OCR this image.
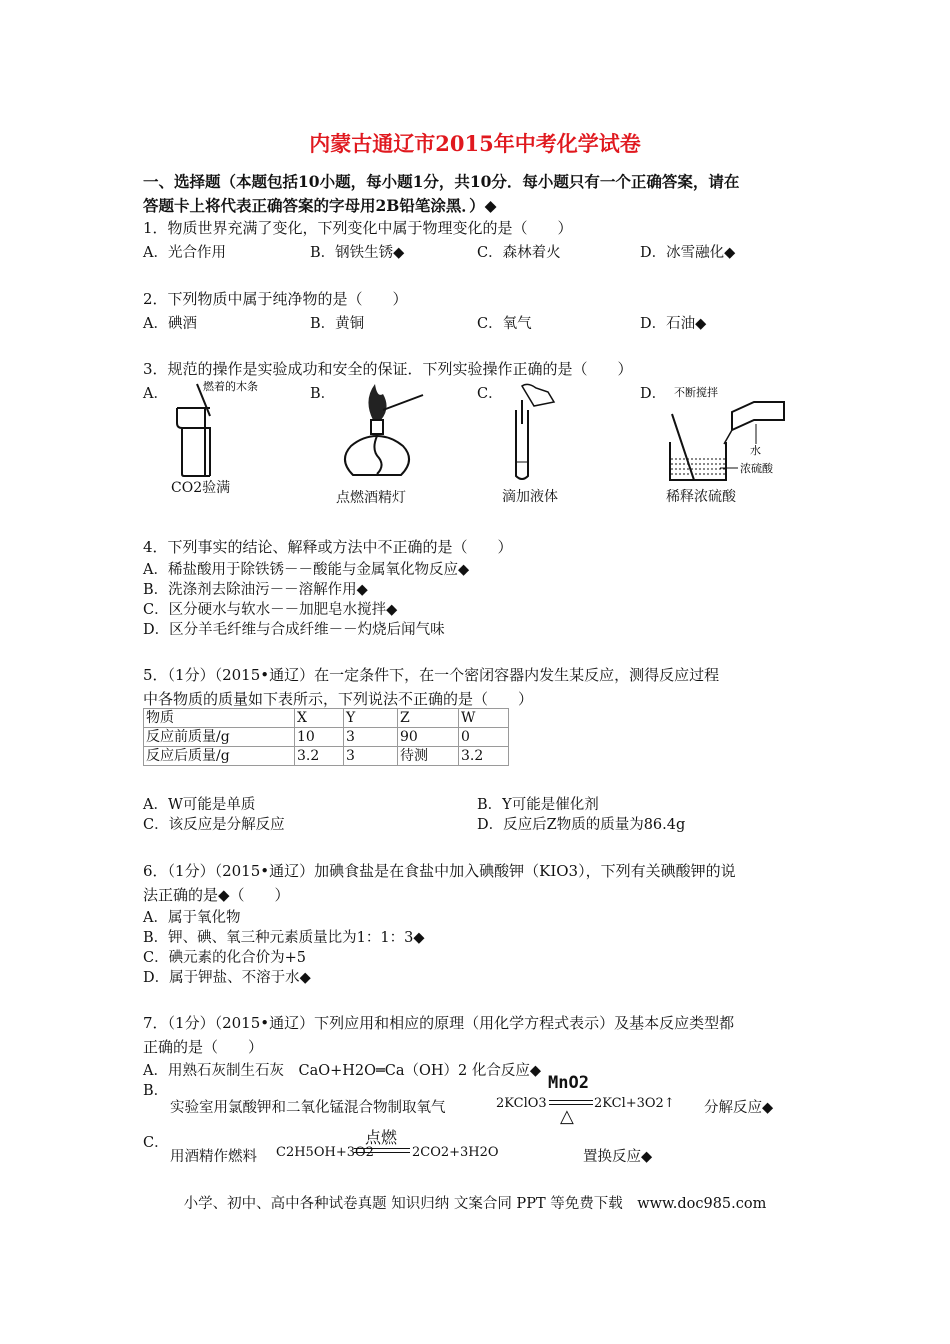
内蒙古通辽市2015年中考化学试卷
一、选择题（本题包括10小题，每小题1分，共10分．每小题只有一个正确答案，请在
答题卡上将代表正确答案的字母用2B铅笔涂黑．）◆
1．物质世界充满了变化，下列变化中属于物理变化的是（　　）
A．光合作用	B．钢铁生锈◆	C．森林着火	D．冰雪融化◆
2．下列物质中属于纯净物的是（　　）
A．碘酒	B．黄铜	C．氧气	D．石油◆
3．规范的操作是实验成功和安全的保证．下列实验操作正确的是（　　）
A．	B．	C．	D．
燃着的木条
CO2验满
点燃酒精灯	滴加液体
不断搅拌
水
浓硫酸
稀释浓硫酸
4．下列事实的结论、解释或方法中不正确的是（　　）
A．稀盐酸用于除铁锈－－酸能与金属氧化物反应◆
B．洗涤剂去除油污－－溶解作用◆
C．区分硬水与软水－－加肥皂水搅拌◆
D．区分羊毛纤维与合成纤维－－灼烧后闻气味
5．（1分）（2015•通辽）在一定条件下，在一个密闭容器内发生某反应，测得反应过程
中各物质的质量如下表所示，下列说法不正确的是（　　）
物质	X	Y	Z	W
反应前质量/g	10	3	90	0
反应后质量/g	3.2	3	待测	3.2
A．W可能是单质	B．Y可能是催化剂
C．该反应是分解反应	D．反应后Z物质的质量为86.4g
6．（1分）（2015•通辽）加碘食盐是在食盐中加入碘酸钾（KIO3），下列有关碘酸钾的说
法正确的是◆（　　）
A．属于氧化物
B．钾、碘、氧三种元素质量比为1：1：3◆
C．碘元素的化合价为+5
D．属于钾盐、不溶于水◆
7．（1分）（2015•通辽）下列应用和相应的原理（用化学方程式表示）及基本反应类型都
正确的是（　　）
A．用熟石灰制生石灰　CaO+H2O═Ca（OH）2 化合反应◆
B．
实验室用氯酸钾和二氧化锰混合物制取氧气	2KClO3
MnO2
△
2KCl+3O2↑ 分解反应◆
C．
用酒精作燃料 C2H5OH+3O2
点燃
2CO2+3H2O	置换反应◆
小学、初中、高中各种试卷真题 知识归纳 文案合同 PPT 等免费下载　www.doc985.com
